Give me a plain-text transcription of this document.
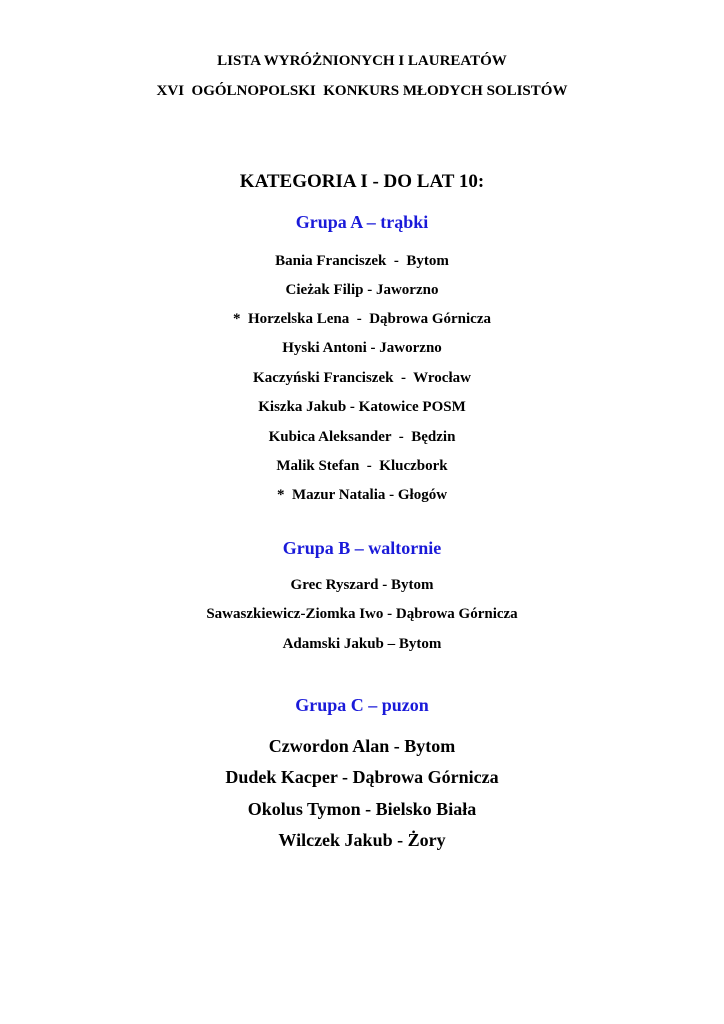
LISTA WYRÓŻNIONYCH I LAUREATÓW
XVI  OGÓLNOPOLSKI  KONKURS MŁODYCH SOLISTÓW
KATEGORIA I - DO LAT 10:
Grupa A – trąbki
Bania Franciszek  -  Bytom
Cieżak Filip - Jaworzno
*  Horzelska Lena  -  Dąbrowa Górnicza
Hyski Antoni - Jaworzno
Kaczyński Franciszek  -  Wrocław
Kiszka Jakub - Katowice POSM
Kubica Aleksander  -  Będzin
Malik Stefan  -  Kluczbork
*  Mazur Natalia - Głogów
Grupa B – waltornie
Grec Ryszard - Bytom
Sawaszkiewicz-Ziomka Iwo - Dąbrowa Górnicza
Adamski Jakub – Bytom
Grupa C – puzon
Czwordon Alan - Bytom
Dudek Kacper - Dąbrowa Górnicza
Okolus Tymon - Bielsko Biała
Wilczek Jakub - Żory
